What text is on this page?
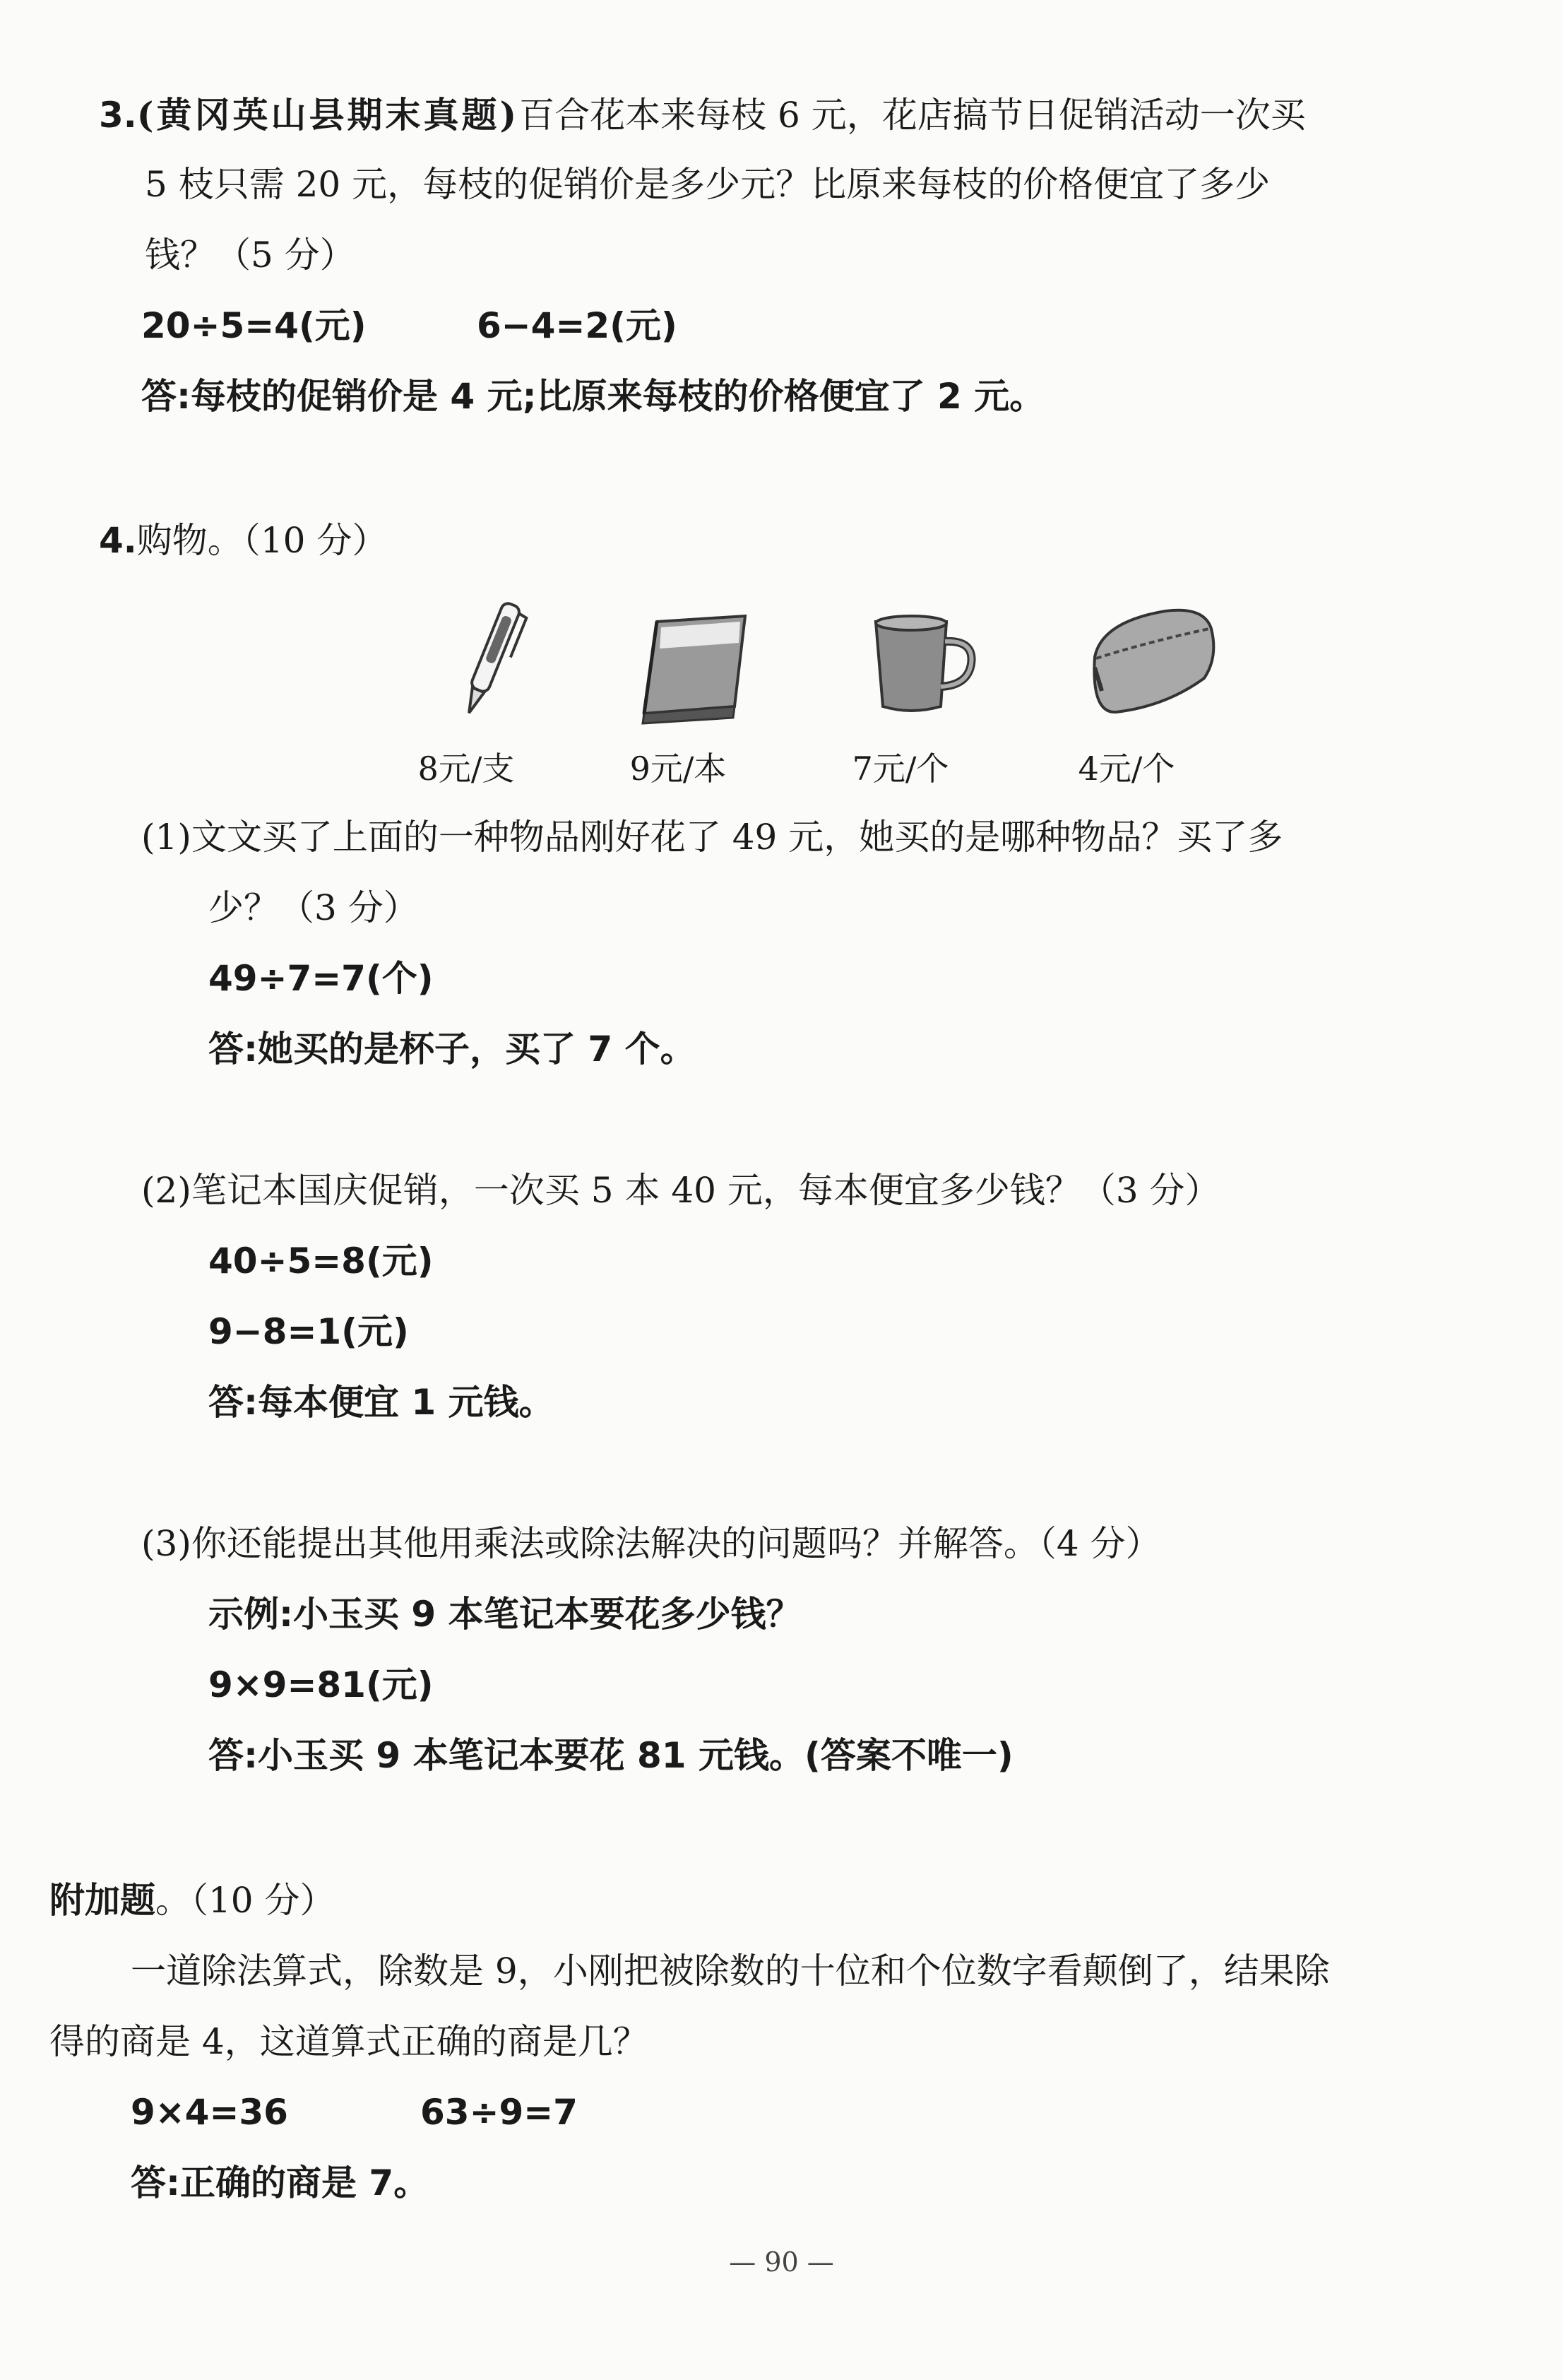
3.(黄冈英山县期末真题)百合花本来每枝 6 元，花店搞节日促销活动一次买
5 枝只需 20 元，每枝的促销价是多少元？比原来每枝的价格便宜了多少
钱？（5 分）
20÷5=4(元)	6−4=2(元)
答:每枝的促销价是 4 元;比原来每枝的价格便宜了 2 元。
4.购物。（10 分）
8元/支	9元/本	7元/个	4元/个
(1)文文买了上面的一种物品刚好花了 49 元，她买的是哪种物品？买了多
少？（3 分）
49÷7=7(个)
答:她买的是杯子，买了 7 个。
(2)笔记本国庆促销，一次买 5 本 40 元，每本便宜多少钱？（3 分）
40÷5=8(元)
9−8=1(元)
答:每本便宜 1 元钱。
(3)你还能提出其他用乘法或除法解决的问题吗？并解答。（4 分）
示例:小玉买 9 本笔记本要花多少钱？
9×9=81(元)
答:小玉买 9 本笔记本要花 81 元钱。(答案不唯一)
附加题。（10 分）
一道除法算式，除数是 9，小刚把被除数的十位和个位数字看颠倒了，结果除
得的商是 4，这道算式正确的商是几？
9×4=36	63÷9=7
答:正确的商是 7。
— 90 —
